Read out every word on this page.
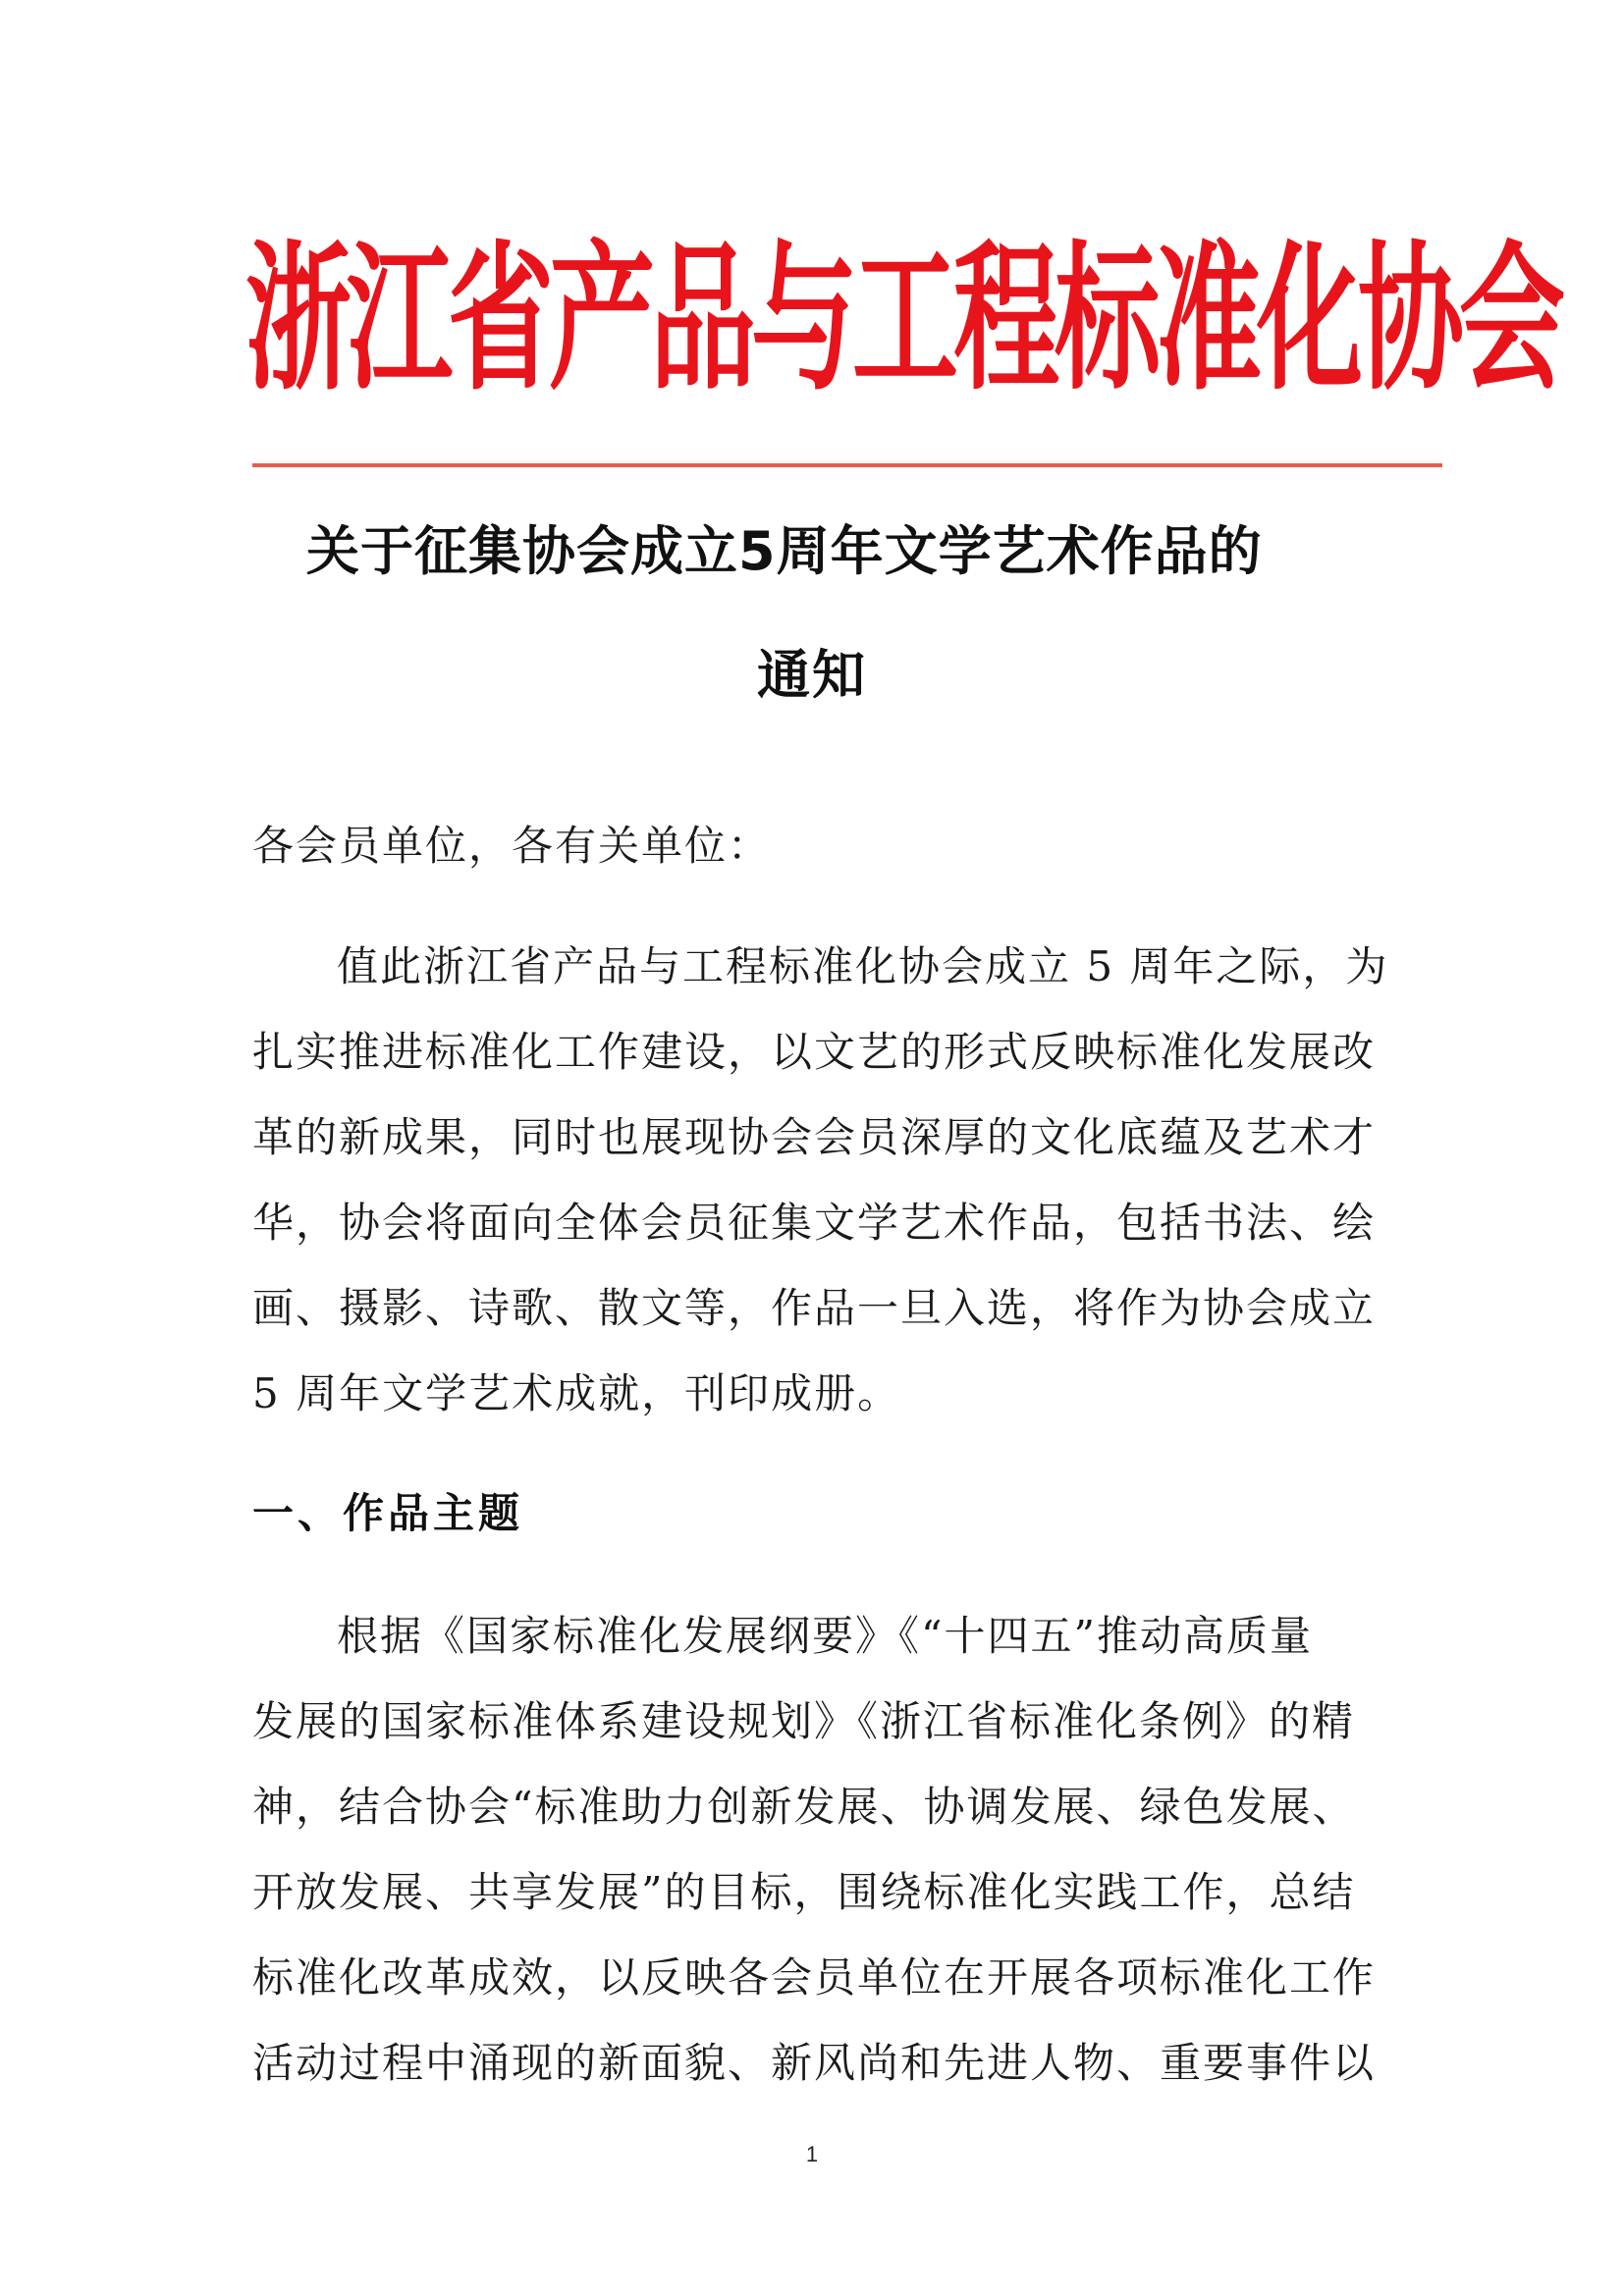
浙江省产品与工程标准化协会
关于征集协会成立5周年文学艺术作品的
通知

各会员单位，各有关单位：

值此浙江省产品与工程标准化协会成立 5 周年之际，为

扎实推进标准化工作建设，以文艺的形式反映标准化发展改

革的新成果，同时也展现协会会员深厚的文化底蕴及艺术才

华，协会将面向全体会员征集文学艺术作品，包括书法、绘

画、摄影、诗歌、散文等，作品一旦入选，将作为协会成立

5 周年文学艺术成就，刊印成册。

一、作品主题

根据《国家标准化发展纲要》《“十四五”推动高质量

发展的国家标准体系建设规划》《浙江省标准化条例》的精

神，结合协会“标准助力创新发展、协调发展、绿色发展、

开放发展、共享发展”的目标，围绕标准化实践工作，总结

标准化改革成效，以反映各会员单位在开展各项标准化工作

活动过程中涌现的新面貌、新风尚和先进人物、重要事件以

1
